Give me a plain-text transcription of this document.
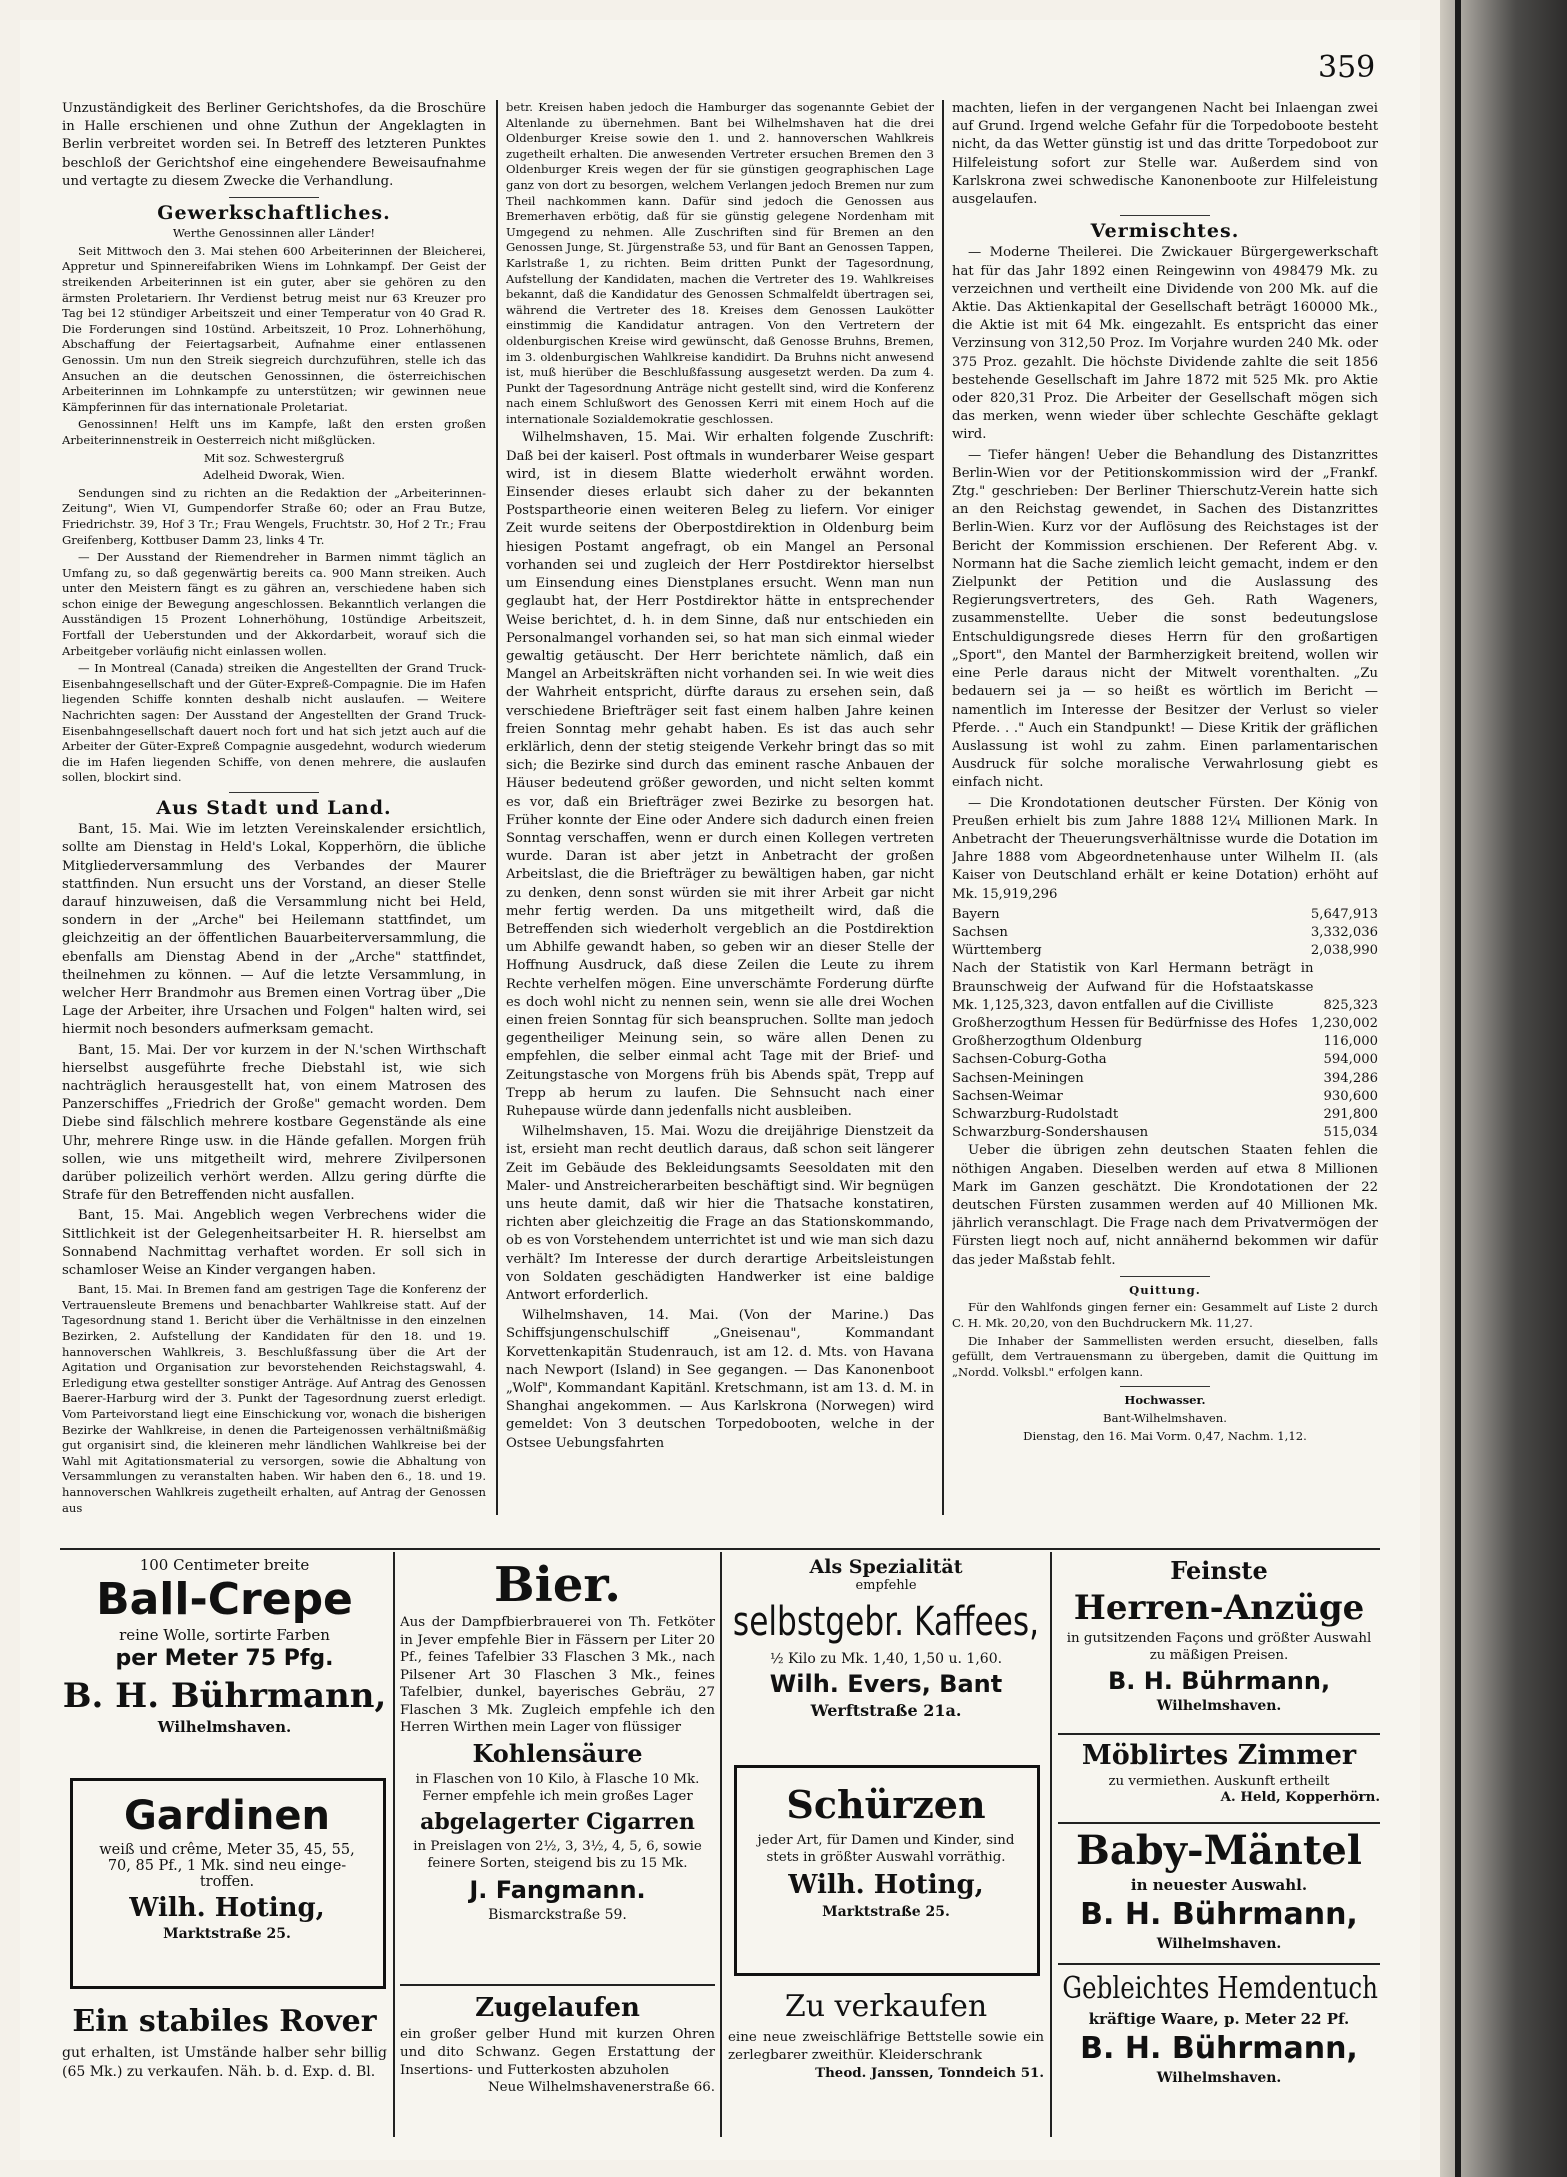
359

Unzuständigkeit des Berliner Gerichtshofes, da die Broschüre in Halle erschienen und ohne Zuthun der Angeklagten in Berlin verbreitet worden sei. In Betreff des letzteren Punktes beschloß der Gerichtshof eine eingehendere Beweisaufnahme und vertagte zu diesem Zwecke die Verhandlung.

Gewerkschaftliches.

Werthe Genossinnen aller Länder!

Seit Mittwoch den 3. Mai stehen 600 Arbeiterinnen der Bleicherei, Appretur und Spinnereifabriken Wiens im Lohnkampf. Der Geist der streikenden Arbeiterinnen ist ein guter, aber sie gehören zu den ärmsten Proletariern. Ihr Verdienst betrug meist nur 63 Kreuzer pro Tag bei 12 stündiger Arbeitszeit und einer Temperatur von 40 Grad R. Die Forderungen sind 10stünd. Arbeitszeit, 10 Proz. Lohnerhöhung, Abschaffung der Feiertagsarbeit, Aufnahme einer entlassenen Genossin. Um nun den Streik siegreich durchzuführen, stelle ich das Ansuchen an die deutschen Genossinnen, die österreichischen Arbeiterinnen im Lohnkampfe zu unterstützen; wir gewinnen neue Kämpferinnen für das internationale Proletariat.

Genossinnen! Helft uns im Kampfe, laßt den ersten großen Arbeiterinnenstreik in Oesterreich nicht mißglücken.

Mit soz. Schwestergruß

Adelheid Dworak, Wien.

Sendungen sind zu richten an die Redaktion der „Arbeiterinnen-Zeitung", Wien VI, Gumpendorfer Straße 60; oder an Frau Butze, Friedrichstr. 39, Hof 3 Tr.; Frau Wengels, Fruchtstr. 30, Hof 2 Tr.; Frau Greifenberg, Kottbuser Damm 23, links 4 Tr.

— Der Ausstand der Riemendreher in Barmen nimmt täglich an Umfang zu, so daß gegenwärtig bereits ca. 900 Mann streiken. Auch unter den Meistern fängt es zu gähren an, verschiedene haben sich schon einige der Bewegung angeschlossen. Bekanntlich verlangen die Ausständigen 15 Prozent Lohnerhöhung, 10stündige Arbeitszeit, Fortfall der Ueberstunden und der Akkordarbeit, worauf sich die Arbeitgeber vorläufig nicht einlassen wollen.

— In Montreal (Canada) streiken die Angestellten der Grand Truck-Eisenbahngesellschaft und der Güter-Expreß-Compagnie. Die im Hafen liegenden Schiffe konnten deshalb nicht auslaufen. — Weitere Nachrichten sagen: Der Ausstand der Angestellten der Grand Truck-Eisenbahngesellschaft dauert noch fort und hat sich jetzt auch auf die Arbeiter der Güter-Expreß Compagnie ausgedehnt, wodurch wiederum die im Hafen liegenden Schiffe, von denen mehrere, die auslaufen sollen, blockirt sind.

Aus Stadt und Land.

Bant, 15. Mai. Wie im letzten Vereinskalender ersichtlich, sollte am Dienstag in Held's Lokal, Kopperhörn, die übliche Mitgliederversammlung des Verbandes der Maurer stattfinden. Nun ersucht uns der Vorstand, an dieser Stelle darauf hinzuweisen, daß die Versammlung nicht bei Held, sondern in der „Arche" bei Heilemann stattfindet, um gleichzeitig an der öffentlichen Bauarbeiterversammlung, die ebenfalls am Dienstag Abend in der „Arche" stattfindet, theilnehmen zu können. — Auf die letzte Versammlung, in welcher Herr Brandmohr aus Bremen einen Vortrag über „Die Lage der Arbeiter, ihre Ursachen und Folgen" halten wird, sei hiermit noch besonders aufmerksam gemacht.

Bant, 15. Mai. Der vor kurzem in der N.'schen Wirthschaft hierselbst ausgeführte freche Diebstahl ist, wie sich nachträglich herausgestellt hat, von einem Matrosen des Panzerschiffes „Friedrich der Große" gemacht worden. Dem Diebe sind fälschlich mehrere kostbare Gegenstände als eine Uhr, mehrere Ringe usw. in die Hände gefallen. Morgen früh sollen, wie uns mitgetheilt wird, mehrere Zivilpersonen darüber polizeilich verhört werden. Allzu gering dürfte die Strafe für den Betreffenden nicht ausfallen.

Bant, 15. Mai. Angeblich wegen Verbrechens wider die Sittlichkeit ist der Gelegenheitsarbeiter H. R. hierselbst am Sonnabend Nachmittag verhaftet worden. Er soll sich in schamloser Weise an Kinder vergangen haben.

Bant, 15. Mai. In Bremen fand am gestrigen Tage die Konferenz der Vertrauensleute Bremens und benachbarter Wahlkreise statt. Auf der Tagesordnung stand 1. Bericht über die Verhältnisse in den einzelnen Bezirken, 2. Aufstellung der Kandidaten für den 18. und 19. hannoverschen Wahlkreis, 3. Beschlußfassung über die Art der Agitation und Organisation zur bevorstehenden Reichstagswahl, 4. Erledigung etwa gestellter sonstiger Anträge. Auf Antrag des Genossen Baerer-Harburg wird der 3. Punkt der Tagesordnung zuerst erledigt. Vom Parteivorstand liegt eine Einschickung vor, wonach die bisherigen Bezirke der Wahlkreise, in denen die Parteigenossen verhältnißmäßig gut organisirt sind, die kleineren mehr ländlichen Wahlkreise bei der Wahl mit Agitationsmaterial zu versorgen, sowie die Abhaltung von Versammlungen zu veranstalten haben. Wir haben den 6., 18. und 19. hannoverschen Wahlkreis zugetheilt erhalten, auf Antrag der Genossen aus

betr. Kreisen haben jedoch die Hamburger das sogenannte Gebiet der Altenlande zu übernehmen. Bant bei Wilhelmshaven hat die drei Oldenburger Kreise sowie den 1. und 2. hannoverschen Wahlkreis zugetheilt erhalten. Die anwesenden Vertreter ersuchen Bremen den 3 Oldenburger Kreis wegen der für sie günstigen geographischen Lage ganz von dort zu besorgen, welchem Verlangen jedoch Bremen nur zum Theil nachkommen kann. Dafür sind jedoch die Genossen aus Bremerhaven erbötig, daß für sie günstig gelegene Nordenham mit Umgegend zu nehmen. Alle Zuschriften sind für Bremen an den Genossen Junge, St. Jürgenstraße 53, und für Bant an Genossen Tappen, Karlstraße 1, zu richten. Beim dritten Punkt der Tagesordnung, Aufstellung der Kandidaten, machen die Vertreter des 19. Wahlkreises bekannt, daß die Kandidatur des Genossen Schmalfeldt übertragen sei, während die Vertreter des 18. Kreises dem Genossen Laukötter einstimmig die Kandidatur antragen. Von den Vertretern der oldenburgischen Kreise wird gewünscht, daß Genosse Bruhns, Bremen, im 3. oldenburgischen Wahlkreise kandidirt. Da Bruhns nicht anwesend ist, muß hierüber die Beschlußfassung ausgesetzt werden. Da zum 4. Punkt der Tagesordnung Anträge nicht gestellt sind, wird die Konferenz nach einem Schlußwort des Genossen Kerri mit einem Hoch auf die internationale Sozialdemokratie geschlossen.

Wilhelmshaven, 15. Mai. Wir erhalten folgende Zuschrift: Daß bei der kaiserl. Post oftmals in wunderbarer Weise gespart wird, ist in diesem Blatte wiederholt erwähnt worden. Einsender dieses erlaubt sich daher zu der bekannten Postspartheorie einen weiteren Beleg zu liefern. Vor einiger Zeit wurde seitens der Oberpostdirektion in Oldenburg beim hiesigen Postamt angefragt, ob ein Mangel an Personal vorhanden sei und zugleich der Herr Postdirektor hierselbst um Einsendung eines Dienstplanes ersucht. Wenn man nun geglaubt hat, der Herr Postdirektor hätte in entsprechender Weise berichtet, d. h. in dem Sinne, daß nur entschieden ein Personalmangel vorhanden sei, so hat man sich einmal wieder gewaltig getäuscht. Der Herr berichtete nämlich, daß ein Mangel an Arbeitskräften nicht vorhanden sei. In wie weit dies der Wahrheit entspricht, dürfte daraus zu ersehen sein, daß verschiedene Briefträger seit fast einem halben Jahre keinen freien Sonntag mehr gehabt haben. Es ist das auch sehr erklärlich, denn der stetig steigende Verkehr bringt das so mit sich; die Bezirke sind durch das eminent rasche Anbauen der Häuser bedeutend größer geworden, und nicht selten kommt es vor, daß ein Briefträger zwei Bezirke zu besorgen hat. Früher konnte der Eine oder Andere sich dadurch einen freien Sonntag verschaffen, wenn er durch einen Kollegen vertreten wurde. Daran ist aber jetzt in Anbetracht der großen Arbeitslast, die die Briefträger zu bewältigen haben, gar nicht zu denken, denn sonst würden sie mit ihrer Arbeit gar nicht mehr fertig werden. Da uns mitgetheilt wird, daß die Betreffenden sich wiederholt vergeblich an die Postdirektion um Abhilfe gewandt haben, so geben wir an dieser Stelle der Hoffnung Ausdruck, daß diese Zeilen die Leute zu ihrem Rechte verhelfen mögen. Eine unverschämte Forderung dürfte es doch wohl nicht zu nennen sein, wenn sie alle drei Wochen einen freien Sonntag für sich beanspruchen. Sollte man jedoch gegentheiliger Meinung sein, so wäre allen Denen zu empfehlen, die selber einmal acht Tage mit der Brief- und Zeitungstasche von Morgens früh bis Abends spät, Trepp auf Trepp ab herum zu laufen. Die Sehnsucht nach einer Ruhepause würde dann jedenfalls nicht ausbleiben.

Wilhelmshaven, 15. Mai. Wozu die dreijährige Dienstzeit da ist, ersieht man recht deutlich daraus, daß schon seit längerer Zeit im Gebäude des Bekleidungsamts Seesoldaten mit den Maler- und Anstreicherarbeiten beschäftigt sind. Wir begnügen uns heute damit, daß wir hier die Thatsache konstatiren, richten aber gleichzeitig die Frage an das Stationskommando, ob es von Vorstehendem unterrichtet ist und wie man sich dazu verhält? Im Interesse der durch derartige Arbeitsleistungen von Soldaten geschädigten Handwerker ist eine baldige Antwort erforderlich.

Wilhelmshaven, 14. Mai. (Von der Marine.) Das Schiffsjungenschulschiff „Gneisenau", Kommandant Korvettenkapitän Studenrauch, ist am 12. d. Mts. von Havana nach Newport (Island) in See gegangen. — Das Kanonenboot „Wolf", Kommandant Kapitänl. Kretschmann, ist am 13. d. M. in Shanghai angekommen. — Aus Karlskrona (Norwegen) wird gemeldet: Von 3 deutschen Torpedobooten, welche in der Ostsee Uebungsfahrten

machten, liefen in der vergangenen Nacht bei Inlaengan zwei auf Grund. Irgend welche Gefahr für die Torpedoboote besteht nicht, da das Wetter günstig ist und das dritte Torpedoboot zur Hilfeleistung sofort zur Stelle war. Außerdem sind von Karlskrona zwei schwedische Kanonenboote zur Hilfeleistung ausgelaufen.

Vermischtes.

— Moderne Theilerei. Die Zwickauer Bürgergewerkschaft hat für das Jahr 1892 einen Reingewinn von 498479 Mk. zu verzeichnen und vertheilt eine Dividende von 200 Mk. auf die Aktie. Das Aktienkapital der Gesellschaft beträgt 160000 Mk., die Aktie ist mit 64 Mk. eingezahlt. Es entspricht das einer Verzinsung von 312,50 Proz. Im Vorjahre wurden 240 Mk. oder 375 Proz. gezahlt. Die höchste Dividende zahlte die seit 1856 bestehende Gesellschaft im Jahre 1872 mit 525 Mk. pro Aktie oder 820,31 Proz. Die Arbeiter der Gesellschaft mögen sich das merken, wenn wieder über schlechte Geschäfte geklagt wird.

— Tiefer hängen! Ueber die Behandlung des Distanzrittes Berlin-Wien vor der Petitionskommission wird der „Frankf. Ztg." geschrieben: Der Berliner Thierschutz-Verein hatte sich an den Reichstag gewendet, in Sachen des Distanzrittes Berlin-Wien. Kurz vor der Auflösung des Reichstages ist der Bericht der Kommission erschienen. Der Referent Abg. v. Normann hat die Sache ziemlich leicht gemacht, indem er den Zielpunkt der Petition und die Auslassung des Regierungsvertreters, des Geh. Rath Wageners, zusammenstellte. Ueber die sonst bedeutungslose Entschuldigungsrede dieses Herrn für den großartigen „Sport", den Mantel der Barmherzigkeit breitend, wollen wir eine Perle daraus nicht der Mitwelt vorenthalten. „Zu bedauern sei ja — so heißt es wörtlich im Bericht — namentlich im Interesse der Besitzer der Verlust so vieler Pferde. . ." Auch ein Standpunkt! — Diese Kritik der gräflichen Auslassung ist wohl zu zahm. Einen parlamentarischen Ausdruck für solche moralische Verwahrlosung giebt es einfach nicht.

— Die Krondotationen deutscher Fürsten. Der König von Preußen erhielt bis zum Jahre 1888 12¼ Millionen Mark. In Anbetracht der Theuerungsverhältnisse wurde die Dotation im Jahre 1888 vom Abgeordnetenhause unter Wilhelm II. (als Kaiser von Deutschland erhält er keine Dotation) erhöht auf Mk. 15,919,296

Bayern	5,647,913
Sachsen	3,332,036
Württemberg	2,038,990
Nach der Statistik von Karl Hermann beträgt in Braunschweig der Aufwand für die Hofstaatskasse Mk. 1,125,323, davon entfallen auf die Civilliste	825,323
Großherzogthum Hessen für Bedürfnisse des Hofes	1,230,002
Großherzogthum Oldenburg	116,000
Sachsen-Coburg-Gotha	594,000
Sachsen-Meiningen	394,286
Sachsen-Weimar	930,600
Schwarzburg-Rudolstadt	291,800
Schwarzburg-Sondershausen	515,034

Ueber die übrigen zehn deutschen Staaten fehlen die nöthigen Angaben. Dieselben werden auf etwa 8 Millionen Mark im Ganzen geschätzt. Die Krondotationen der 22 deutschen Fürsten zusammen werden auf 40 Millionen Mk. jährlich veranschlagt. Die Frage nach dem Privatvermögen der Fürsten liegt noch auf, nicht annähernd bekommen wir dafür das jeder Maßstab fehlt.

Quittung.

Für den Wahlfonds gingen ferner ein: Gesammelt auf Liste 2 durch C. H. Mk. 20,20, von den Buchdruckern Mk. 11,27.

Die Inhaber der Sammellisten werden ersucht, dieselben, falls gefüllt, dem Vertrauensmann zu übergeben, damit die Quittung im „Nordd. Volksbl." erfolgen kann.

Hochwasser.

Bant-Wilhelmshaven.

Dienstag, den 16. Mai Vorm. 0,47, Nachm. 1,12.

100 Centimeter breite
Ball-Crepe
reine Wolle, sortirte Farben
per Meter 75 Pfg.
B. H. Bührmann,
Wilhelmshaven.
Gardinen
weiß und crême, Meter 35, 45, 55,
70, 85 Pf., 1 Mk. sind neu einge-
troffen.
Wilh. Hoting,
Marktstraße 25.
Ein stabiles Rover
gut erhalten, ist Umstände halber sehr billig (65 Mk.) zu verkaufen. Näh. b. d. Exp. d. Bl.
Bier.
Aus der Dampfbierbrauerei von Th. Fetköter in Jever empfehle Bier in Fässern per Liter 20 Pf., feines Tafelbier 33 Flaschen 3 Mk., nach Pilsener Art 30 Flaschen 3 Mk., feines Tafelbier, dunkel, bayerisches Gebräu, 27 Flaschen 3 Mk. Zugleich empfehle ich den Herren Wirthen mein Lager von flüssiger
Kohlensäure
in Flaschen von 10 Kilo, à Flasche 10 Mk. Ferner empfehle ich mein großes Lager
abgelagerter Cigarren
in Preislagen von 2½, 3, 3½, 4, 5, 6, sowie feinere Sorten, steigend bis zu 15 Mk.
J. Fangmann.
Bismarckstraße 59.
Zugelaufen
ein großer gelber Hund mit kurzen Ohren und dito Schwanz. Gegen Erstattung der Insertions- und Futterkosten abzuholen
Neue Wilhelmshavenerstraße 66.
Als Spezialität
empfehle
selbstgebr. Kaffees,
½ Kilo zu Mk. 1,40, 1,50 u. 1,60.
Wilh. Evers, Bant
Werftstraße 21a.
Schürzen
jeder Art, für Damen und Kinder, sind stets in größter Auswahl vorräthig.
Wilh. Hoting,
Marktstraße 25.
Zu verkaufen
eine neue zweischläfrige Bettstelle sowie ein zerlegbarer zweithür. Kleiderschrank
Theod. Janssen, Tonndeich 51.
Feinste
Herren-Anzüge
in gutsitzenden Façons und größter Auswahl zu mäßigen Preisen.
B. H. Bührmann,
Wilhelmshaven.
Möblirtes Zimmer
zu vermiethen. Auskunft ertheilt
A. Held, Kopperhörn.
Baby-Mäntel
in neuester Auswahl.
B. H. Bührmann,
Wilhelmshaven.
Gebleichtes Hemdentuch
kräftige Waare, p. Meter 22 Pf.
B. H. Bührmann,
Wilhelmshaven.
